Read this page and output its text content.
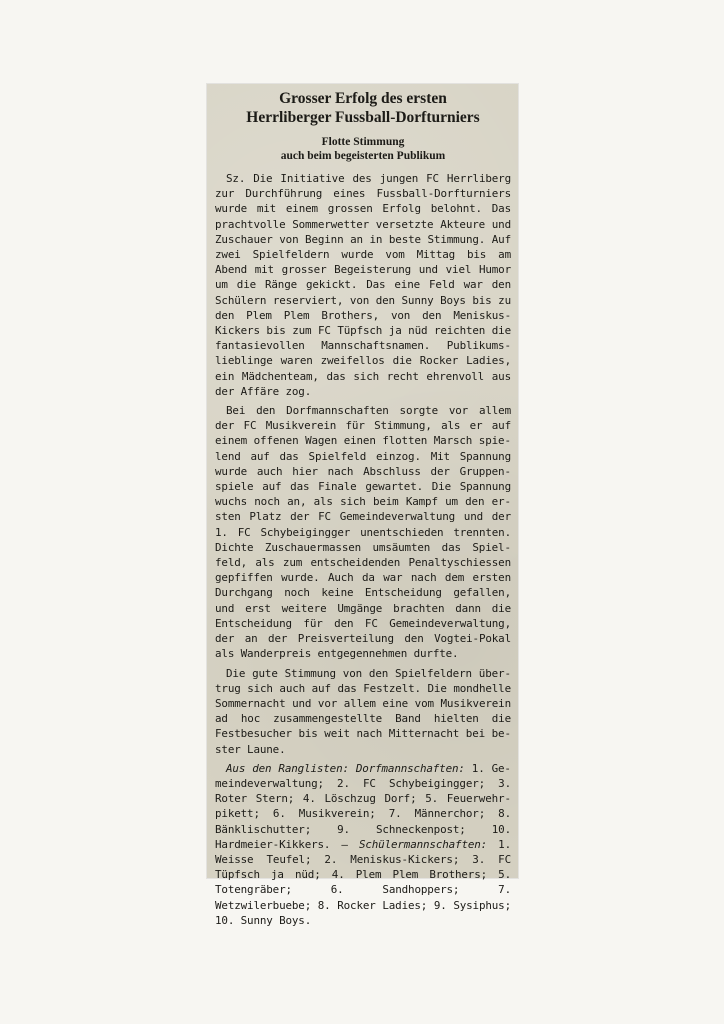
Grosser Erfolg des ersten
Herrliberger Fussball-Dorfturniers
Flotte Stimmung
auch beim begeisterten Publikum

Sz. Die Initiative des jungen FC Herrliberg zur Durchführung eines Fussball-Dorfturniers wurde mit einem grossen Erfolg belohnt. Das prachtvolle Sommerwetter versetzte Akteure und Zuschauer von Beginn an in beste Stimmung. Auf zwei Spielfeldern wurde vom Mittag bis am Abend mit grosser Begeisterung und viel Humor um die Ränge gekickt. Das eine Feld war den Schülern reserviert, von den Sunny Boys bis zu den Plem Plem Brothers, von den Meniskus-Kickers bis zum FC Tüpfsch ja nüd reichten die fantasievollen Mannschaftsnamen. Publikumslieblinge waren zweifellos die Rocker Ladies, ein Mädchenteam, das sich recht ehrenvoll aus der Affäre zog.

Bei den Dorfmannschaften sorgte vor allem der FC Musikverein für Stimmung, als er auf einem offenen Wagen einen flotten Marsch spielend auf das Spielfeld einzog. Mit Spannung wurde auch hier nach Abschluss der Gruppenspiele auf das Finale gewartet. Die Spannung wuchs noch an, als sich beim Kampf um den ersten Platz der FC Gemeindeverwaltung und der 1. FC Schybeigingger unentschieden trennten. Dichte Zuschauermassen umsäumten das Spielfeld, als zum entscheidenden Penaltyschiessen gepfiffen wurde. Auch da war nach dem ersten Durchgang noch keine Entscheidung gefallen, und erst weitere Umgänge brachten dann die Entscheidung für den FC Gemeindeverwaltung, der an der Preisverteilung den Vogtei-Pokal als Wanderpreis entgegennehmen durfte.

Die gute Stimmung von den Spielfeldern übertrug sich auch auf das Festzelt. Die mondhelle Sommernacht und vor allem eine vom Musikverein ad hoc zusammengestellte Band hielten die Festbesucher bis weit nach Mitternacht bei bester Laune.

Aus den Ranglisten: Dorfmannschaften: 1. Gemeindeverwaltung; 2. FC Schybeigingger; 3. Roter Stern; 4. Löschzug Dorf; 5. Feuerwehrpikett; 6. Musikverein; 7. Männerchor; 8. Bänklischutter; 9. Schneckenpost; 10. Hardmeier-Kikkers. – Schülermannschaften: 1. Weisse Teufel; 2. Meniskus-Kickers; 3. FC Tüpfsch ja nüd; 4. Plem Plem Brothers; 5. Totengräber; 6. Sandhoppers; 7. Wetzwilerbuebe; 8. Rocker Ladies; 9. Sysiphus; 10. Sunny Boys.
